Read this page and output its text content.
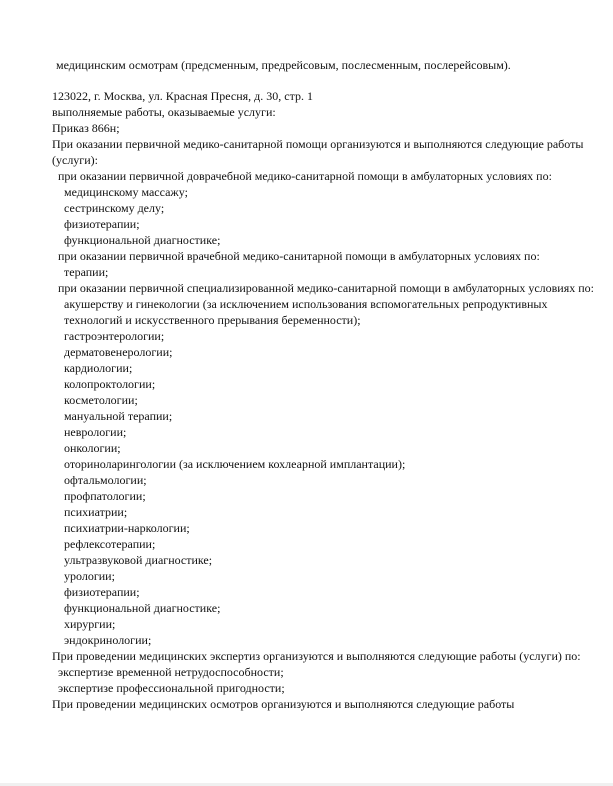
медицинским осмотрам (предсменным, предрейсовым, послесменным, послерейсовым).
123022, г. Москва, ул. Красная Пресня, д. 30, стр. 1
выполняемые работы, оказываемые услуги:
Приказ 866н;
При оказании первичной медико-санитарной помощи организуются и выполняются следующие работы (услуги):
при оказании первичной доврачебной медико-санитарной помощи в амбулаторных условиях по:
медицинскому массажу;
сестринскому делу;
физиотерапии;
функциональной диагностике;
при оказании первичной врачебной медико-санитарной помощи в амбулаторных условиях по:
терапии;
при оказании первичной специализированной медико-санитарной помощи в амбулаторных условиях по:
акушерству и гинекологии (за исключением использования вспомогательных репродуктивных технологий и искусственного прерывания беременности);
гастроэнтерологии;
дерматовенерологии;
кардиологии;
колопроктологии;
косметологии;
мануальной терапии;
неврологии;
онкологии;
оториноларингологии (за исключением кохлеарной имплантации);
офтальмологии;
профпатологии;
психиатрии;
психиатрии-наркологии;
рефлексотерапии;
ультразвуковой диагностике;
урологии;
физиотерапии;
функциональной диагностике;
хирургии;
эндокринологии;
При проведении медицинских экспертиз организуются и выполняются следующие работы (услуги) по:
экспертизе временной нетрудоспособности;
экспертизе профессиональной пригодности;
При проведении медицинских осмотров организуются и выполняются следующие работы
